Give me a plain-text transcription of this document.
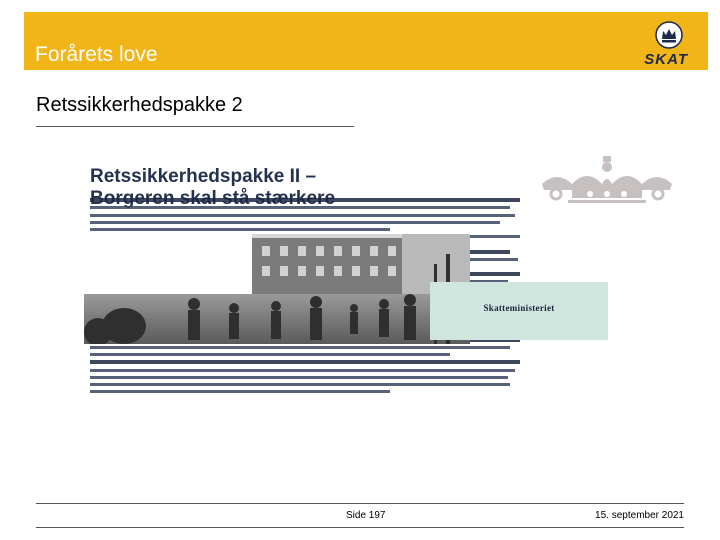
Forårets love	SKAT
Retssikkerhedspakke 2
Retssikkerhedspakke II –
Skatteministeriet
Side 197	15. september 2021
